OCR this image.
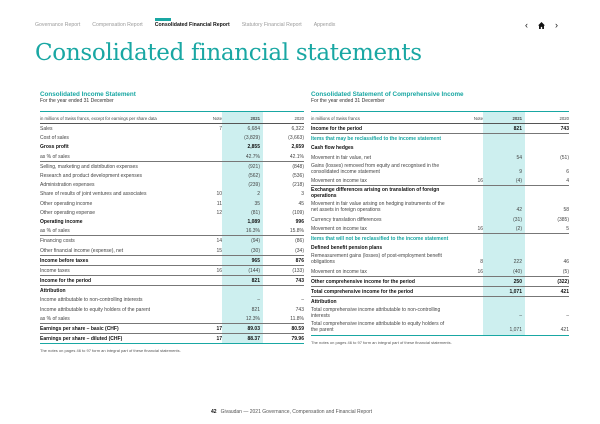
Governance Report Compensation Report Consolidated Financial Report Statutory Financial Report Appendix	‹	›
Consolidated financial statements
Consolidated Income Statement
For the year ended 31 December
in millions of Swiss francs, except for earnings per share data	Note	2021	2020
Sales	7	6,684	6,322
Cost of sales		(3,829)	(3,663)
Gross profit		2,855	2,659
as % of sales		42.7%	42.1%
Selling, marketing and distribution expenses		(921)	(848)
Research and product development expenses		(562)	(536)
Administration expenses		(239)	(218)
Share of results of joint ventures and associates	10	2	3
Other operating income	11	35	45
Other operating expense	12	(81)	(109)
Operating income		1,089	996
as % of sales		16.3%	15.8%
Financing costs	14	(94)	(86)
Other financial income (expense), net	15	(30)	(34)
Income before taxes		965	876
Income taxes	16	(144)	(133)
Income for the period		821	743
Attribution			
Income attributable to non-controlling interests		–	–
Income attributable to equity holders of the parent		821	743
as % of sales		12.3%	11.8%
Earnings per share – basic (CHF)	17	89.03	80.59
Earnings per share – diluted (CHF)	17	88.37	79.96
The notes on pages 46 to 97 form an integral part of these financial statements.
Consolidated Statement of Comprehensive Income
For the year ended 31 December
in millions of Swiss francs	Note	2021	2020
Income for the period		821	743
Items that may be reclassified to the income statement			
Cash flow hedges			
Movement in fair value, net		54	(51)
Gains (losses) removed from equity and recognised in the consolidated income statement		9	6
Movement on income tax	16	(4)	4
Exchange differences arising on translation of foreign operations			
Movement in fair value arising on hedging instruments of the net assets in foreign operations		42	58
Currency translation differences		(31)	(385)
Movement on income tax	16	(2)	5
Items that will not be reclassified to the income statement			
Defined benefit pension plans			
Remeasurement gains (losses) of post-employment benefit obligations	8	222	46
Movement on income tax	16	(40)	(5)
Other comprehensive income for the period		250	(322)
Total comprehensive income for the period		1,071	421
Attribution			
Total comprehensive income attributable to non-controlling interests		–	–
Total comprehensive income attributable to equity holders of the parent		1,071	421
The notes on pages 46 to 97 form an integral part of these financial statements.
42 Givaudan — 2021 Governance, Compensation and Financial Report
